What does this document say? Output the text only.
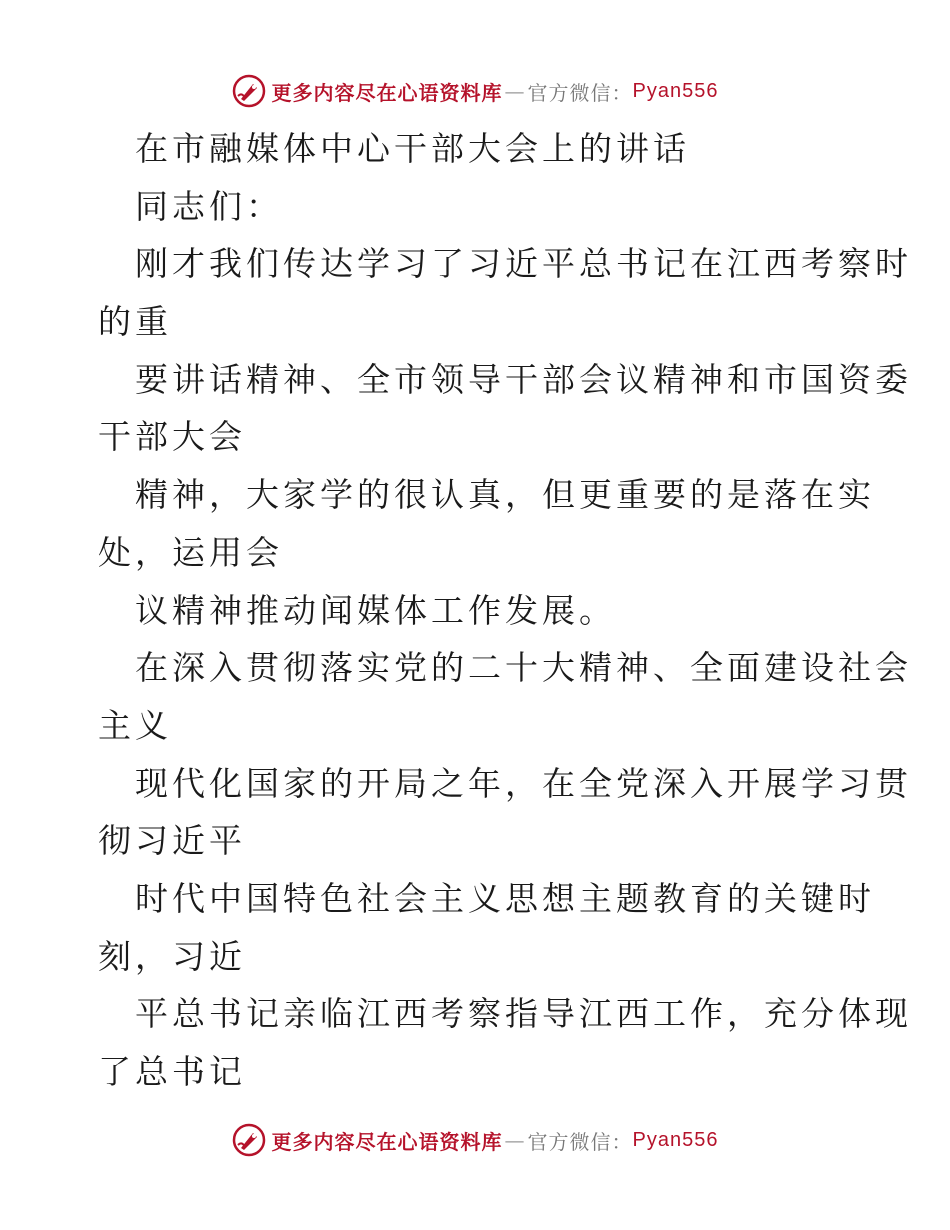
更多内容尽在心语资料库 — 官方微信： Pyan556
在市融媒体中心干部大会上的讲话
同志们：
刚才我们传达学习了习近平总书记在江西考察时
的重
要讲话精神、全市领导干部会议精神和市国资委
干部大会
精神，大家学的很认真，但更重要的是落在实
处，运用会
议精神推动闻媒体工作发展。
在深入贯彻落实党的二十大精神、全面建设社会
主义
现代化国家的开局之年，在全党深入开展学习贯
彻习近平
时代中国特色社会主义思想主题教育的关键时
刻，习近
平总书记亲临江西考察指导江西工作，充分体现
了总书记
更多内容尽在心语资料库 — 官方微信： Pyan556
